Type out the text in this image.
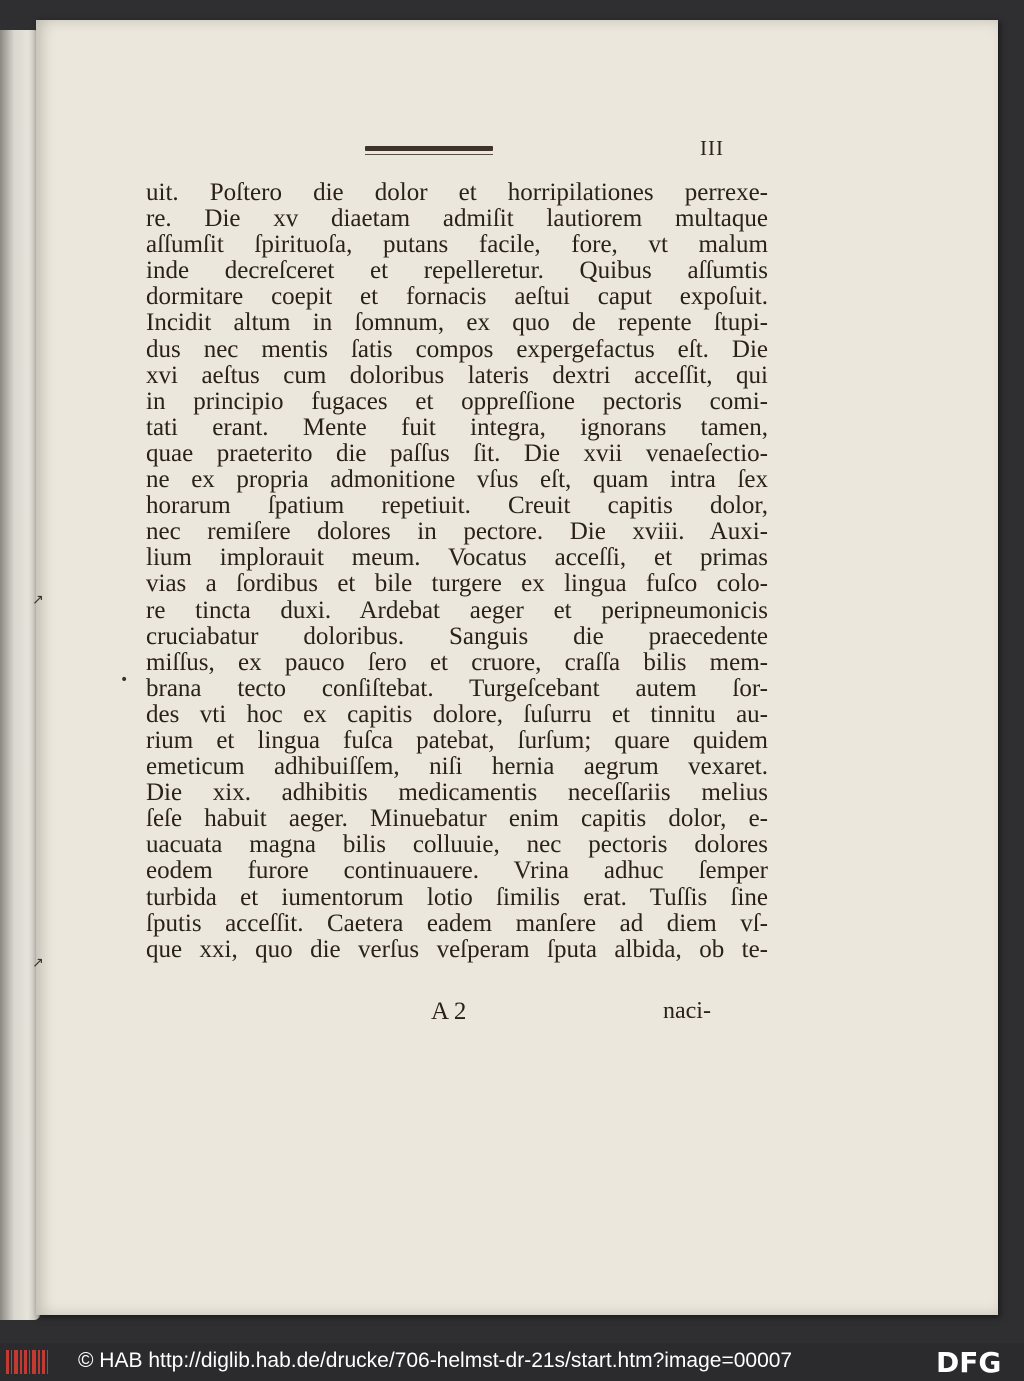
III
uit. Poſtero die dolor et horripilationes perrexe-
re. Die xv diaetam admiſit lautiorem multaque
aſſumſit ſpirituoſa, putans facile, fore, vt malum
inde decreſceret et repelleretur. Quibus aſſumtis
dormitare coepit et fornacis aeſtui caput expoſuit.
Incidit altum in ſomnum, ex quo de repente ſtupi-
dus nec mentis ſatis compos expergefactus eſt. Die
xvi aeſtus cum doloribus lateris dextri acceſſit, qui
in principio fugaces et oppreſſione pectoris comi-
tati erant. Mente fuit integra, ignorans tamen,
quae praeterito die paſſus ſit. Die xvii venaeſectio-
ne ex propria admonitione vſus eſt, quam intra ſex
horarum ſpatium repetiuit. Creuit capitis dolor,
nec remiſere dolores in pectore. Die xviii. Auxi-
lium implorauit meum. Vocatus acceſſi, et primas
vias a ſordibus et bile turgere ex lingua fuſco colo-
re tincta duxi. Ardebat aeger et peripneumonicis
cruciabatur doloribus. Sanguis die praecedente
miſſus, ex pauco ſero et cruore, craſſa bilis mem-
brana tecto conſiſtebat. Turgeſcebant autem ſor-
des vti hoc ex capitis dolore, ſuſurru et tinnitu au-
rium et lingua fuſca patebat, ſurſum; quare quidem
emeticum adhibuiſſem, niſi hernia aegrum vexaret.
Die xix. adhibitis medicamentis neceſſariis melius
ſeſe habuit aeger. Minuebatur enim capitis dolor, e-
uacuata magna bilis colluuie, nec pectoris dolores
eodem furore continuauere. Vrina adhuc ſemper
turbida et iumentorum lotio ſimilis erat. Tuſſis ſine
ſputis acceſſit. Caetera eadem manſere ad diem vſ-
que xxi, quo die verſus veſperam ſputa albida, ob te-
A 2	naci-
↗
•
↗
© HAB http://diglib.hab.de/drucke/706-helmst-dr-21s/start.htm?image=00007	DFG
